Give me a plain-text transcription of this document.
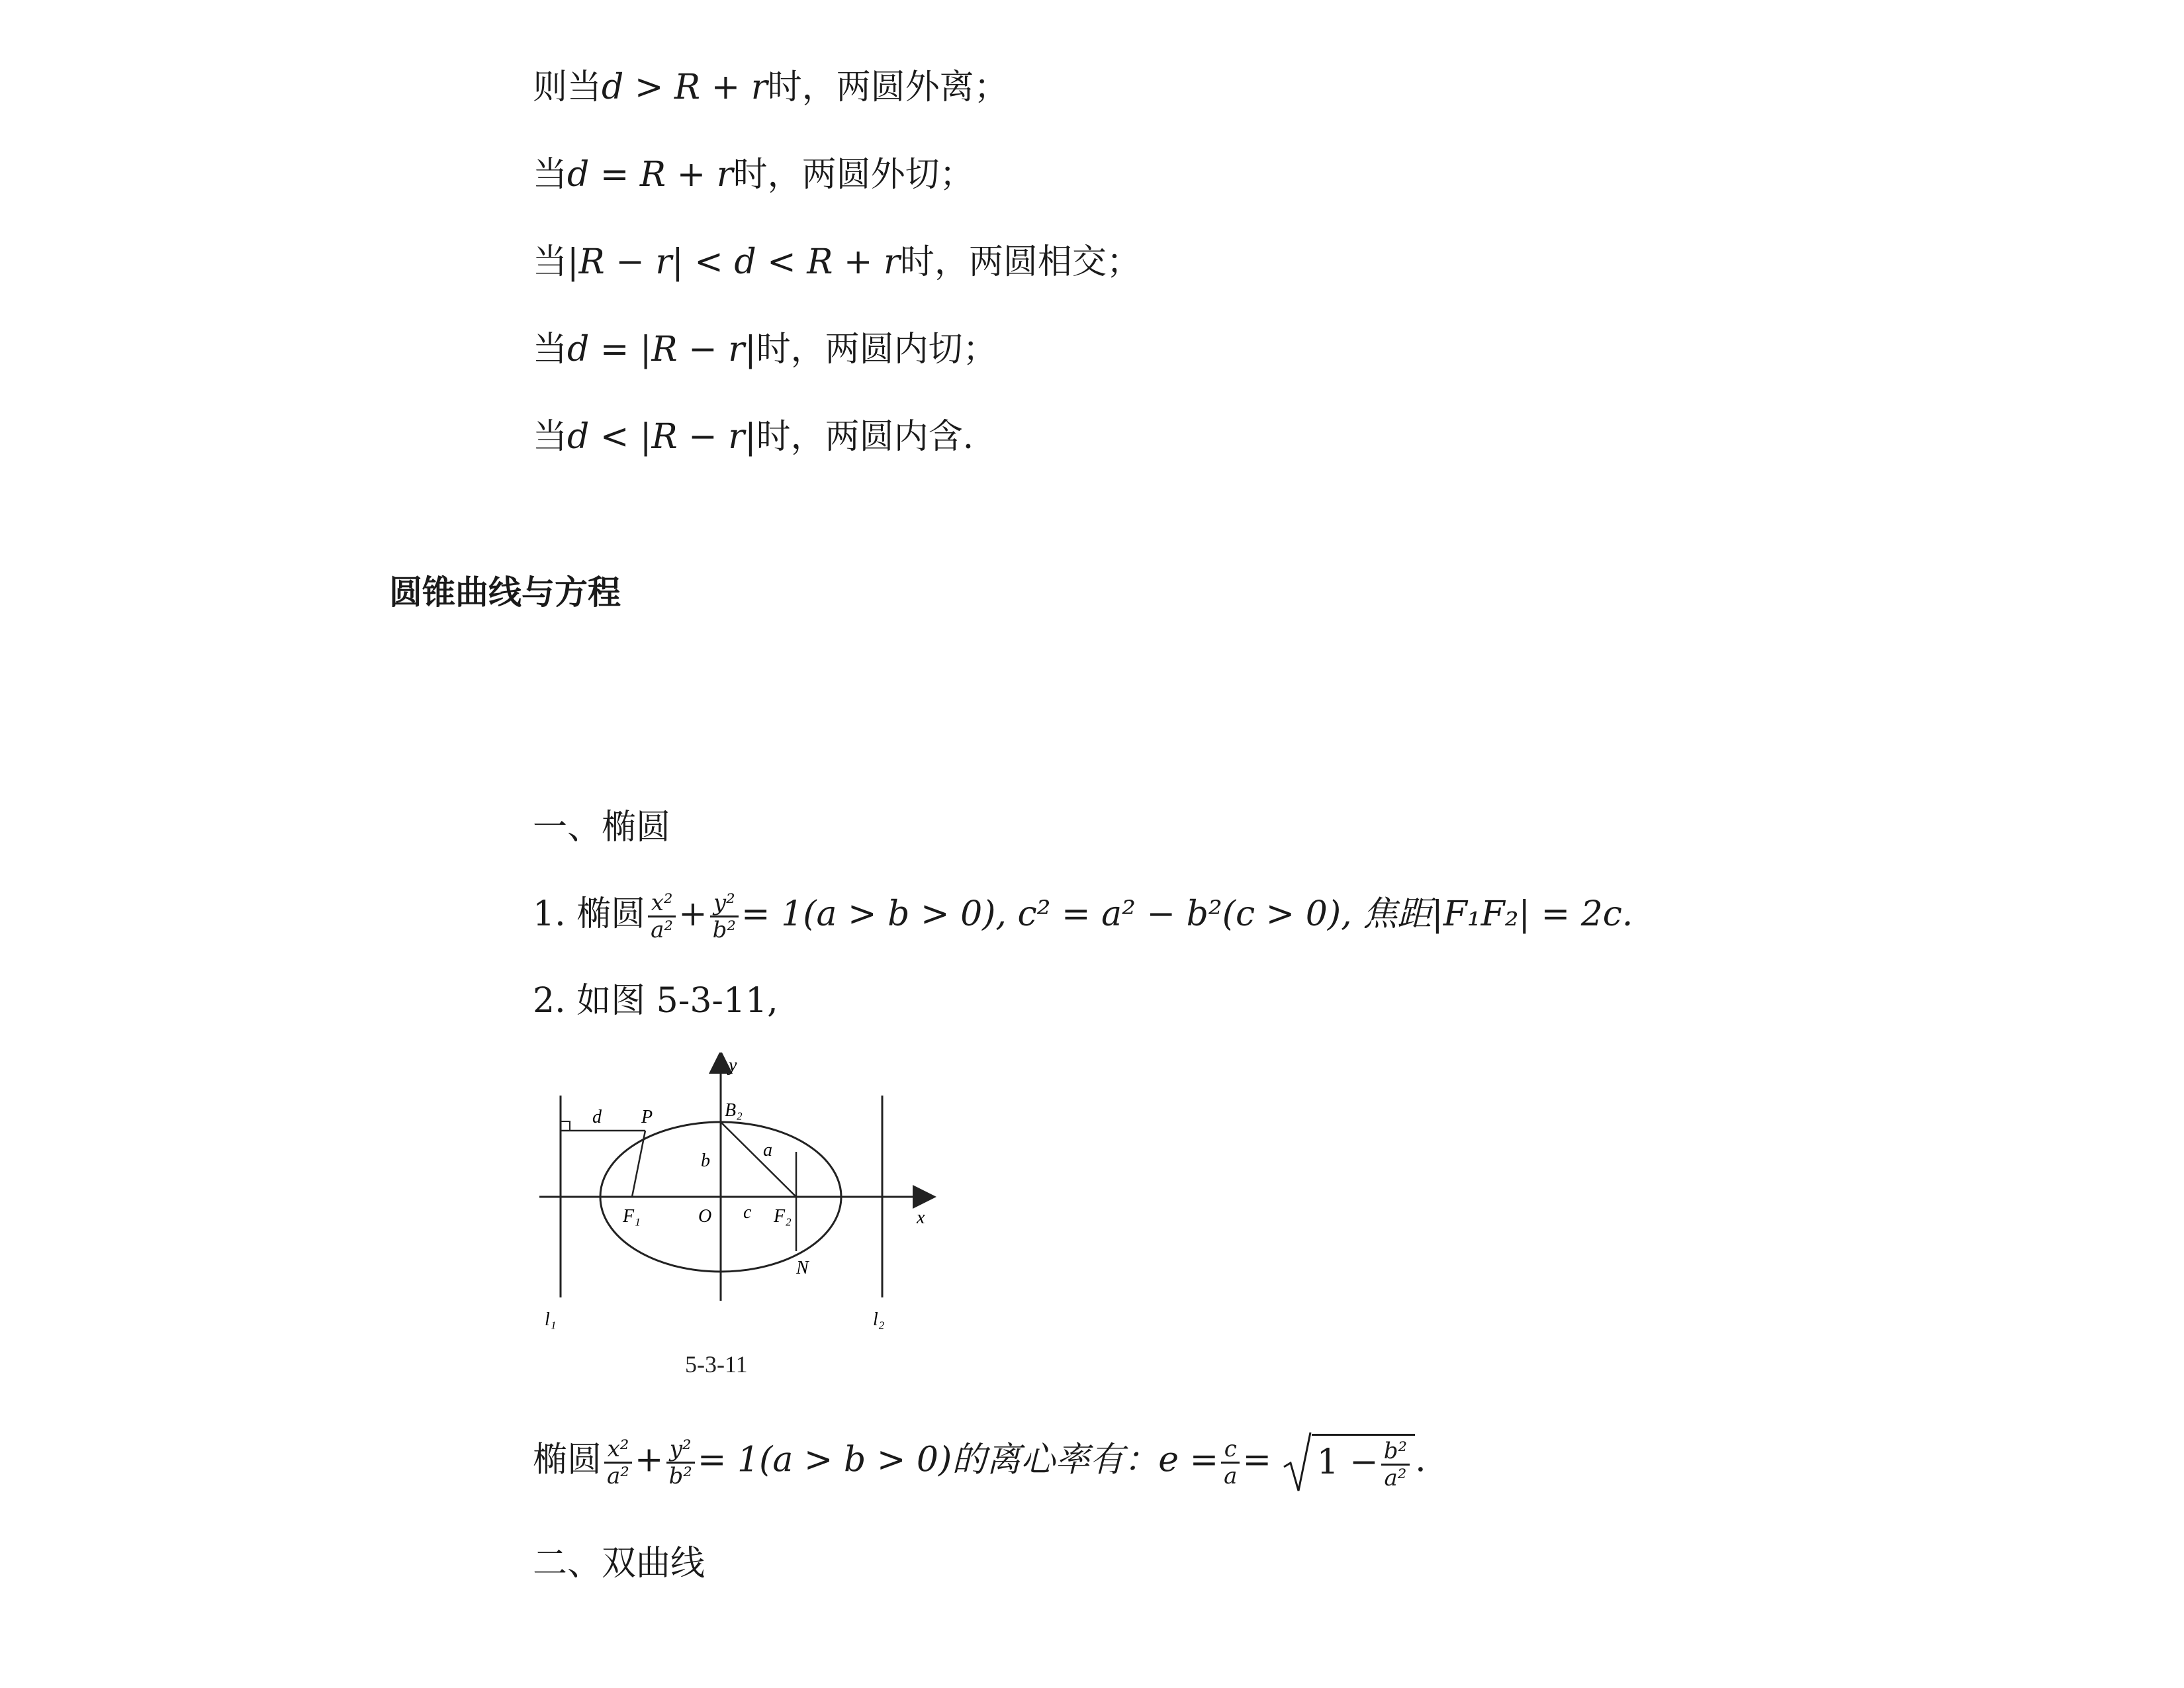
则当d > R + r时，两圆外离；
当d = R + r时，两圆外切；
当|R − r| < d < R + r时，两圆相交；
当d = |R − r|时，两圆内切；
当d < |R − r|时，两圆内含.
圆锥曲线与方程
一、椭圆
1. 椭圆 $\frac{\text{x²}}{\text{a²}} + \frac{\text{y²}}{\text{b²}} = 1(a > b > 0)$, c² = a² − b²(c > 0), 焦距|F₁F₂| = 2c.
2. 如图 5-3-11,
y
x
B₂
O
F₁	F₂
c
P
d
b
a
N
l₁	l₂
5-3-11
椭圆 $\frac{\text{x²}}{\text{a²}} + \frac{\text{y²}}{\text{b²}} = 1(a > b > 0)$的离心率有：$e = \frac{c}{a} = 1 - \frac{\text{b²}}{\text{a²}}$ .
二、双曲线
